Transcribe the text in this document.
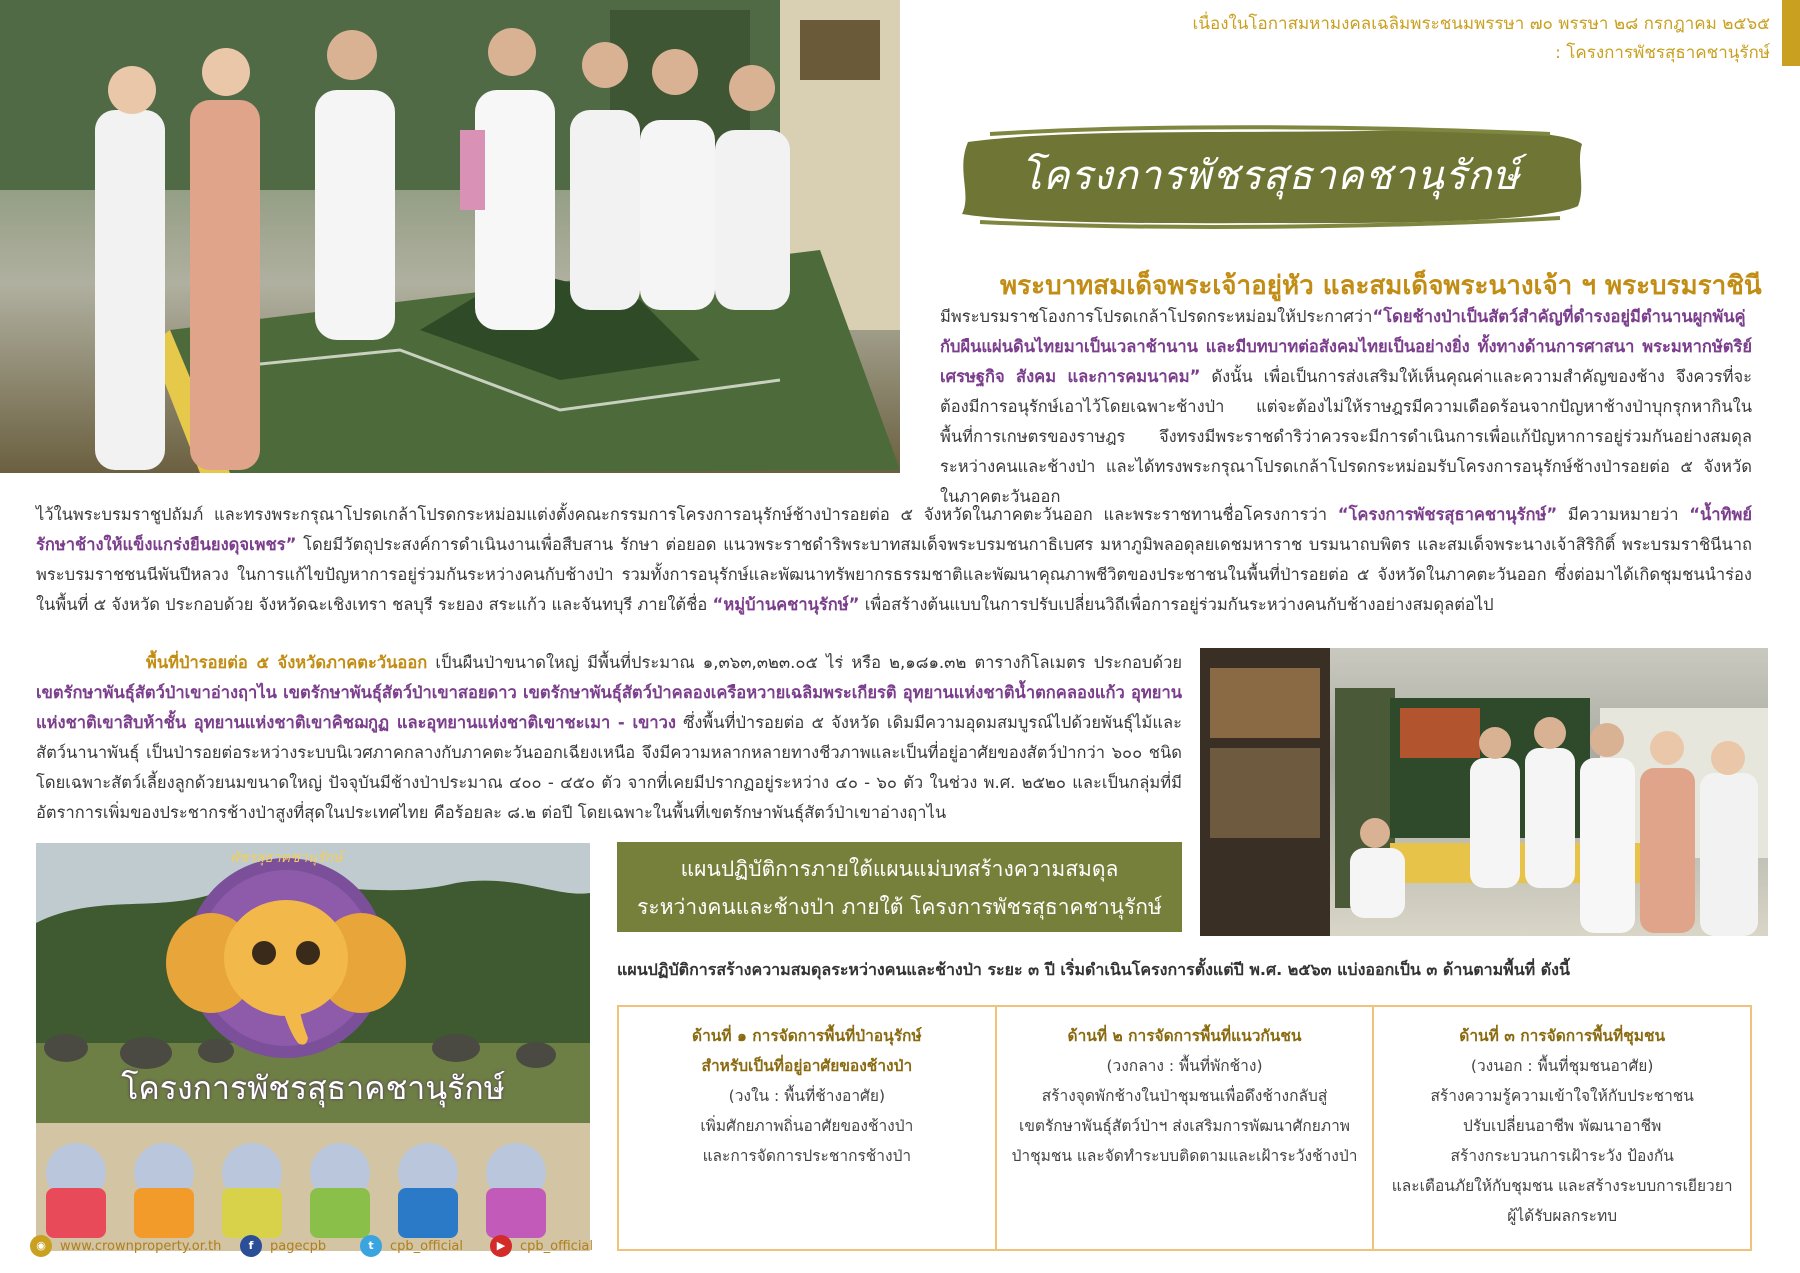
เนื่องในโอกาสมหามงคลเฉลิมพระชนมพรรษา ๗๐ พรรษา ๒๘ กรกฎาคม ๒๕๖๕
: โครงการพัชรสุธาคชานุรักษ์
โครงการพัชรสุธาคชานุรักษ์
พระบาทสมเด็จพระเจ้าอยู่หัว และสมเด็จพระนางเจ้า ฯ พระบรมราชินี
มีพระบรมราชโองการโปรดเกล้าโปรดกระหม่อมให้ประกาศว่า“โดยช้างป่าเป็นสัตว์สำคัญที่ดำรงอยู่มีตำนานผูกพันคู่กับผืนแผ่นดินไทยมาเป็นเวลาช้านาน และมีบทบาทต่อสังคมไทยเป็นอย่างยิ่ง ทั้งทางด้านการศาสนา พระมหากษัตริย์ เศรษฐกิจ สังคม และการคมนาคม” ดังนั้น เพื่อเป็นการส่งเสริมให้เห็นคุณค่าและความสำคัญของช้าง จึงควรที่จะต้องมีการอนุรักษ์เอาไว้โดยเฉพาะช้างป่า แต่จะต้องไม่ให้ราษฎรมีความเดือดร้อนจากปัญหาช้างป่าบุกรุกหากินในพื้นที่การเกษตรของราษฎร จึงทรงมีพระราชดำริว่าควรจะมีการดำเนินการเพื่อแก้ปัญหาการอยู่ร่วมกันอย่างสมดุลระหว่างคนและช้างป่า และได้ทรงพระกรุณาโปรดเกล้าโปรดกระหม่อมรับโครงการอนุรักษ์ช้างป่ารอยต่อ ๕ จังหวัดในภาคตะวันออก
ไว้ในพระบรมราชูปถัมภ์ และทรงพระกรุณาโปรดเกล้าโปรดกระหม่อมแต่งตั้งคณะกรรมการโครงการอนุรักษ์ช้างป่ารอยต่อ ๕ จังหวัดในภาคตะวันออก และพระราชทานชื่อโครงการว่า “โครงการพัชรสุธาคชานุรักษ์” มีความหมายว่า “น้ำทิพย์รักษาช้างให้แข็งแกร่งยืนยงดุจเพชร” โดยมีวัตถุประสงค์การดำเนินงานเพื่อสืบสาน รักษา ต่อยอด แนวพระราชดำริพระบาทสมเด็จพระบรมชนกาธิเบศร มหาภูมิพลอดุลยเดชมหาราช บรมนาถบพิตร และสมเด็จพระนางเจ้าสิริกิติ์ พระบรมราชินีนาถ พระบรมราชชนนีพันปีหลวง ในการแก้ไขปัญหาการอยู่ร่วมกันระหว่างคนกับช้างป่า รวมทั้งการอนุรักษ์และพัฒนาทรัพยากรธรรมชาติและพัฒนาคุณภาพชีวิตของประชาชนในพื้นที่ป่ารอยต่อ ๕ จังหวัดในภาคตะวันออก ซึ่งต่อมาได้เกิดชุมชนนำร่องในพื้นที่ ๕ จังหวัด ประกอบด้วย จังหวัดฉะเชิงเทรา ชลบุรี ระยอง สระแก้ว และจันทบุรี ภายใต้ชื่อ “หมู่บ้านคชานุรักษ์” เพื่อสร้างต้นแบบในการปรับเปลี่ยนวิถีเพื่อการอยู่ร่วมกันระหว่างคนกับช้างอย่างสมดุลต่อไป
พื้นที่ป่ารอยต่อ ๕ จังหวัดภาคตะวันออก เป็นผืนป่าขนาดใหญ่ มีพื้นที่ประมาณ ๑,๓๖๓,๓๒๓.๐๕ ไร่ หรือ ๒,๑๘๑.๓๒ ตารางกิโลเมตร ประกอบด้วย เขตรักษาพันธุ์สัตว์ป่าเขาอ่างฤาไน เขตรักษาพันธุ์สัตว์ป่าเขาสอยดาว เขตรักษาพันธุ์สัตว์ป่าคลองเครือหวายเฉลิมพระเกียรติ อุทยานแห่งชาติน้ำตกคลองแก้ว อุทยานแห่งชาติเขาสิบห้าชั้น อุทยานแห่งชาติเขาคิชฌกูฏ และอุทยานแห่งชาติเขาชะเมา - เขาวง ซึ่งพื้นที่ป่ารอยต่อ ๕ จังหวัด เดิมมีความอุดมสมบูรณ์ไปด้วยพันธุ์ไม้และสัตว์นานาพันธุ์ เป็นป่ารอยต่อระหว่างระบบนิเวศภาคกลางกับภาคตะวันออกเฉียงเหนือ จึงมีความหลากหลายทางชีวภาพและเป็นที่อยู่อาศัยของสัตว์ป่ากว่า ๖๐๐ ชนิด โดยเฉพาะสัตว์เลี้ยงลูกด้วยนมขนาดใหญ่ ปัจจุบันมีช้างป่าประมาณ ๔๐๐ - ๔๕๐ ตัว จากที่เคยมีปรากฏอยู่ระหว่าง ๔๐ - ๖๐ ตัว ในช่วง พ.ศ. ๒๕๒๐ และเป็นกลุ่มที่มีอัตราการเพิ่มของประชากรช้างป่าสูงที่สุดในประเทศไทย คือร้อยละ ๘.๒ ต่อปี โดยเฉพาะในพื้นที่เขตรักษาพันธุ์สัตว์ป่าเขาอ่างฤาไน
พัชรสุธาคชานุรักษ์
โครงการพัชรสุธาคชานุรักษ์
แผนปฏิบัติการภายใต้แผนแม่บทสร้างความสมดุล
ระหว่างคนและช้างป่า ภายใต้ โครงการพัชรสุธาคชานุรักษ์
แผนปฏิบัติการสร้างความสมดุลระหว่างคนและช้างป่า ระยะ ๓ ปี เริ่มดำเนินโครงการตั้งแต่ปี พ.ศ. ๒๕๖๓ แบ่งออกเป็น ๓ ด้านตามพื้นที่ ดังนี้
ด้านที่ ๑ การจัดการพื้นที่ป่าอนุรักษ์
สำหรับเป็นที่อยู่อาศัยของช้างป่า
(วงใน : พื้นที่ช้างอาศัย)
เพิ่มศักยภาพถิ่นอาศัยของช้างป่า
และการจัดการประชากรช้างป่า
ด้านที่ ๒ การจัดการพื้นที่แนวกันชน
(วงกลาง : พื้นที่พักช้าง)
สร้างจุดพักช้างในป่าชุมชนเพื่อดึงช้างกลับสู่
เขตรักษาพันธุ์สัตว์ป่าฯ ส่งเสริมการพัฒนาศักยภาพ
ป่าชุมชน และจัดทำระบบติดตามและเฝ้าระวังช้างป่า
ด้านที่ ๓ การจัดการพื้นที่ชุมชน
(วงนอก : พื้นที่ชุมชนอาศัย)
สร้างความรู้ความเข้าใจให้กับประชาชน
ปรับเปลี่ยนอาชีพ พัฒนาอาชีพ
สร้างกระบวนการเฝ้าระวัง ป้องกัน
และเตือนภัยให้กับชุมชน และสร้างระบบการเยียวยา
ผู้ได้รับผลกระทบ
◉	www.crownproperty.or.th	f	pagecpb	t	cpb_official	▶	cpb_official
